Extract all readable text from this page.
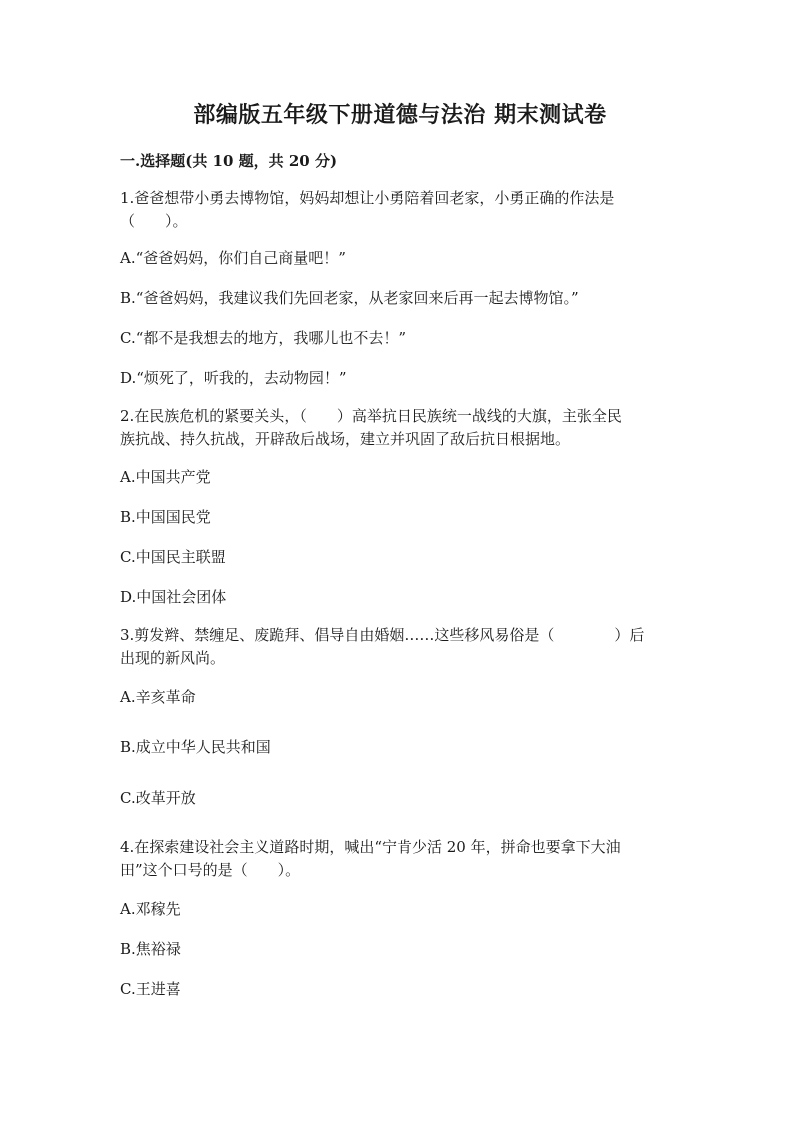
部编版五年级下册道德与法治 期末测试卷
一.选择题(共 10 题，共 20 分)
1.爸爸想带小勇去博物馆，妈妈却想让小勇陪着回老家，小勇正确的作法是
（　　）。
A.“爸爸妈妈，你们自己商量吧！”
B.“爸爸妈妈，我建议我们先回老家，从老家回来后再一起去博物馆。”
C.“都不是我想去的地方，我哪儿也不去！”
D.“烦死了，听我的，去动物园！”
2.在民族危机的紧要关头，（　　）高举抗日民族统一战线的大旗，主张全民
族抗战、持久抗战，开辟敌后战场，建立并巩固了敌后抗日根据地。
A.中国共产党
B.中国国民党
C.中国民主联盟
D.中国社会团体
3.剪发辫、禁缠足、废跪拜、倡导自由婚姻……这些移风易俗是（　　　　）后
出现的新风尚。
A.辛亥革命
B.成立中华人民共和国
C.改革开放
4.在探索建设社会主义道路时期，喊出“宁肯少活 20 年，拼命也要拿下大油
田”这个口号的是（　　）。
A.邓稼先
B.焦裕禄
C.王进喜
